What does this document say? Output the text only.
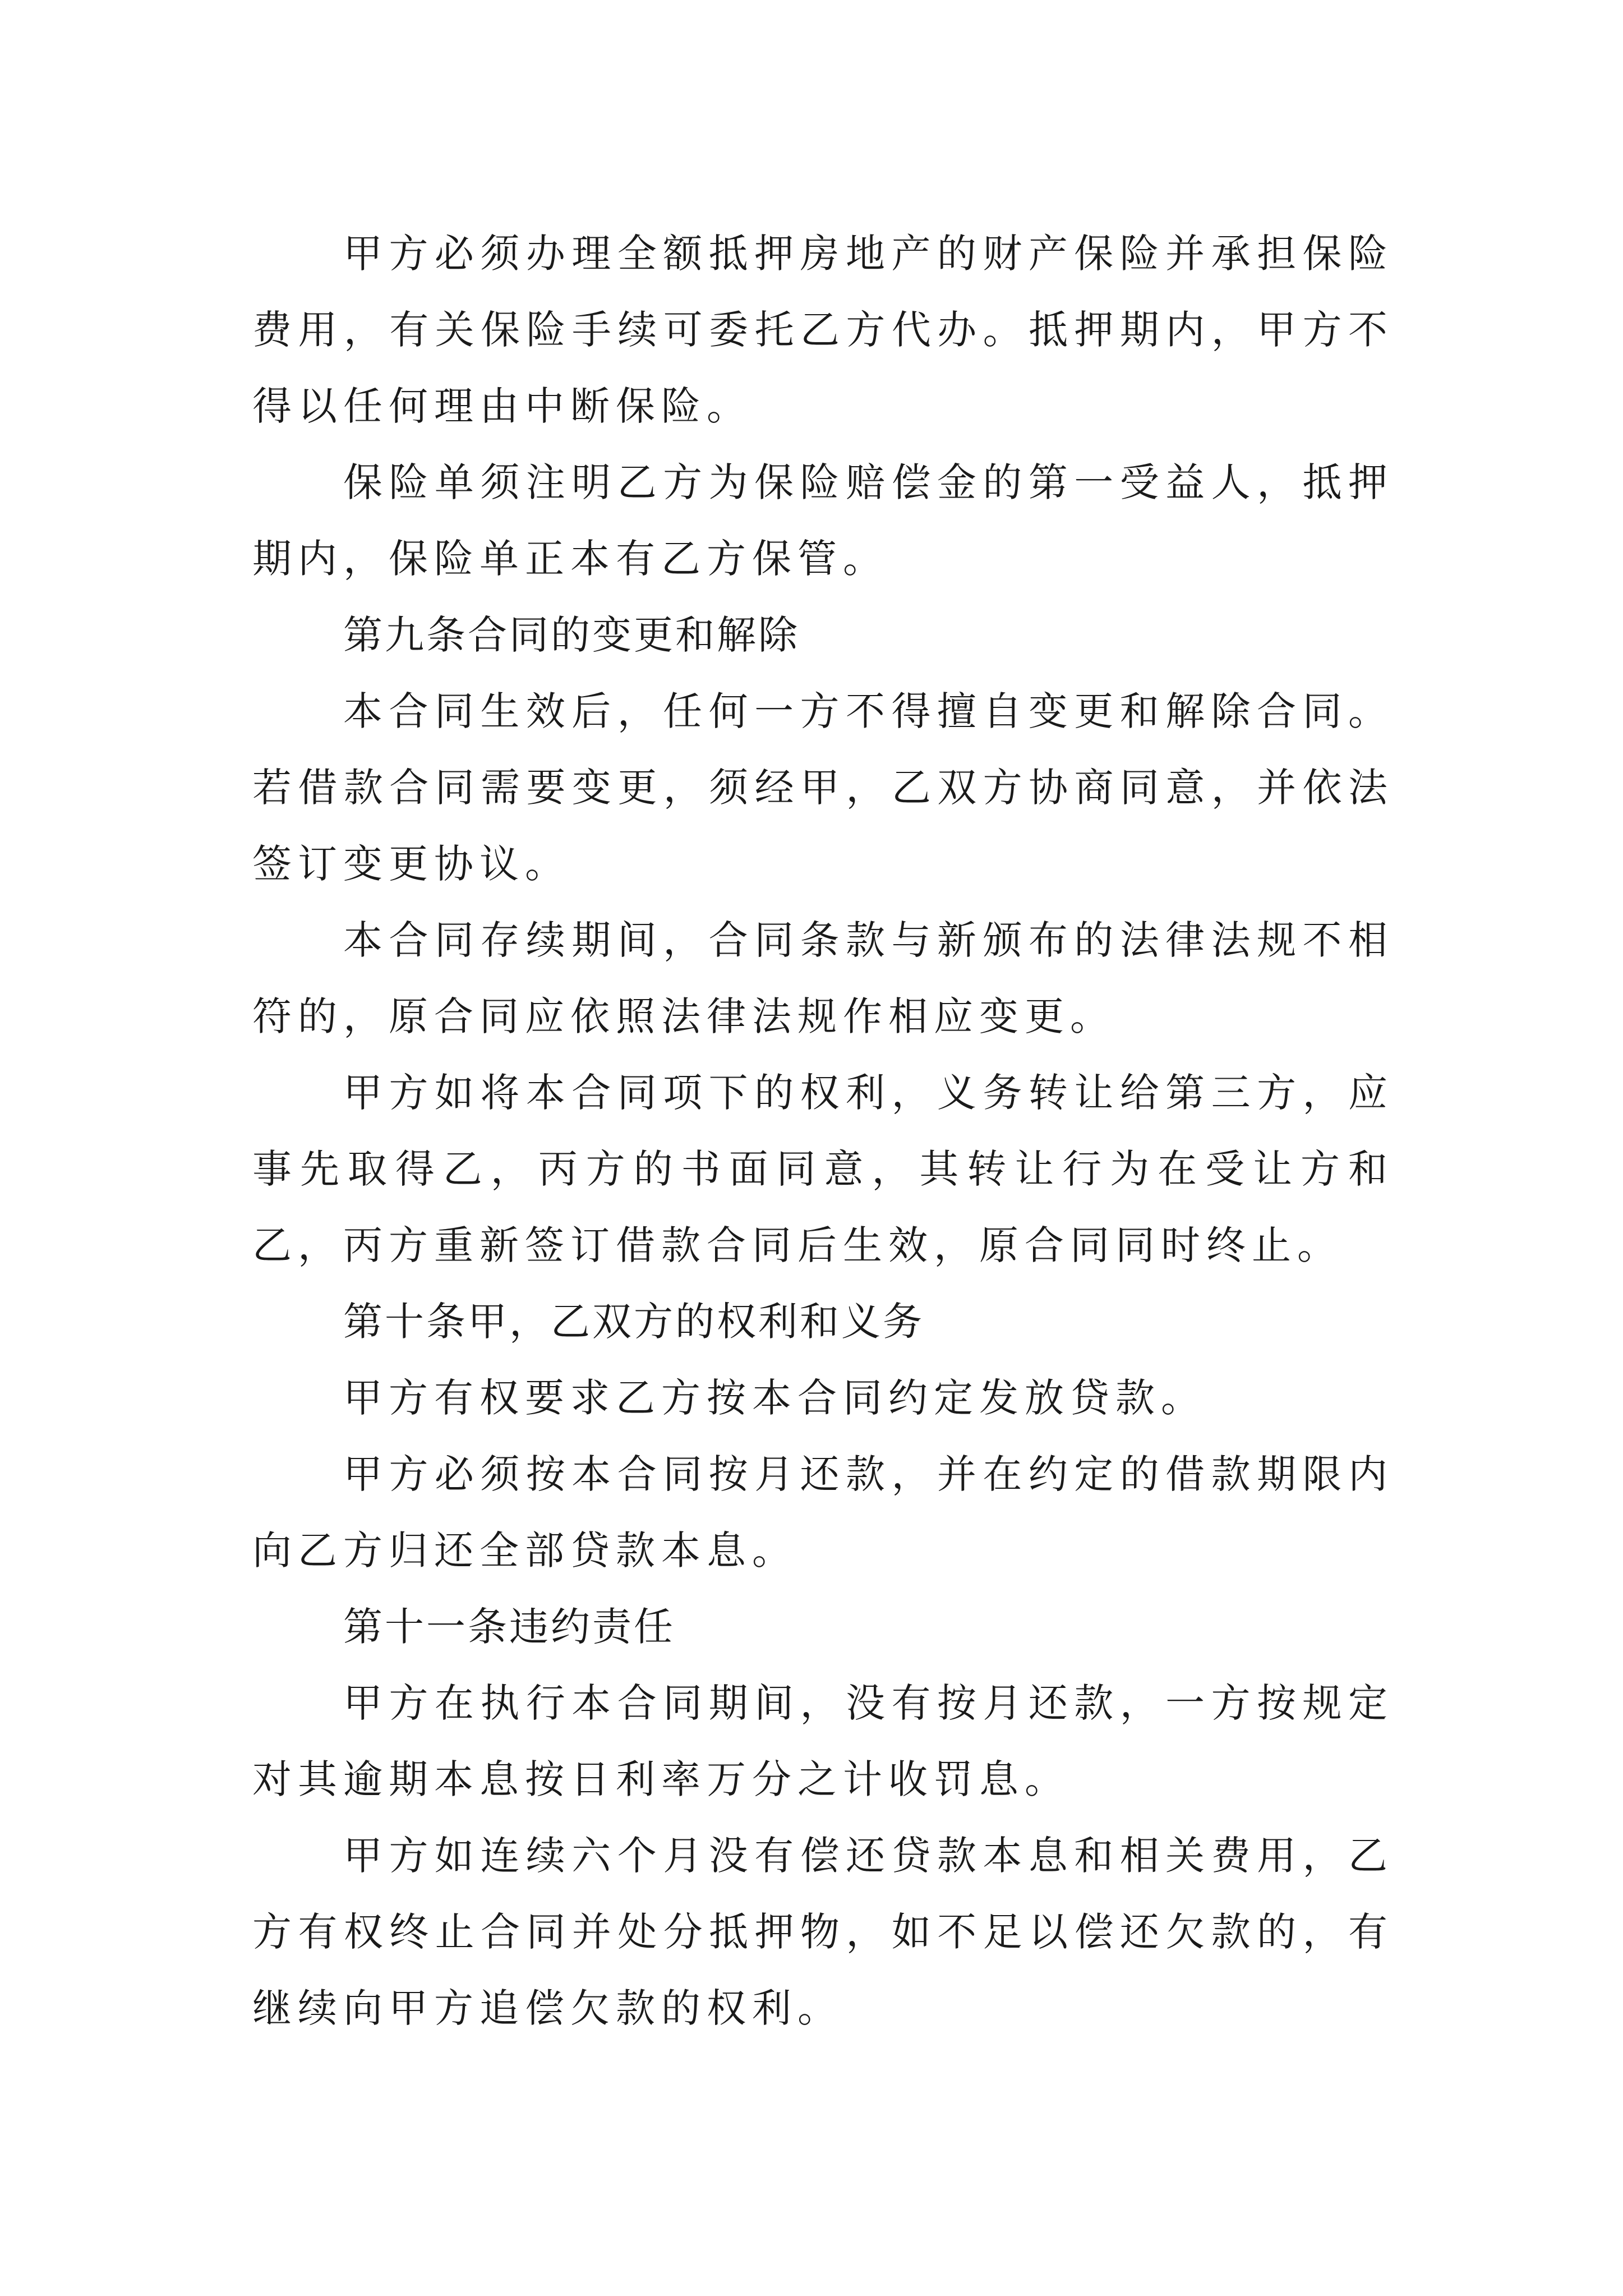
甲方必须办理全额抵押房地产的财产保险并承担保险费用，有关保险手续可委托乙方代办。抵押期内，甲方不得以任何理由中断保险。

保险单须注明乙方为保险赔偿金的第一受益人，抵押期内，保险单正本有乙方保管。

第九条合同的变更和解除

本合同生效后，任何一方不得擅自变更和解除合同。若借款合同需要变更，须经甲，乙双方协商同意，并依法签订变更协议。

本合同存续期间，合同条款与新颁布的法律法规不相符的，原合同应依照法律法规作相应变更。

甲方如将本合同项下的权利，义务转让给第三方，应事先取得乙，丙方的书面同意，其转让行为在受让方和乙，丙方重新签订借款合同后生效，原合同同时终止。

第十条甲，乙双方的权利和义务

甲方有权要求乙方按本合同约定发放贷款。

甲方必须按本合同按月还款，并在约定的借款期限内向乙方归还全部贷款本息。

第十一条违约责任

甲方在执行本合同期间，没有按月还款，一方按规定对其逾期本息按日利率万分之计收罚息。

甲方如连续六个月没有偿还贷款本息和相关费用，乙方有权终止合同并处分抵押物，如不足以偿还欠款的，有继续向甲方追偿欠款的权利。
